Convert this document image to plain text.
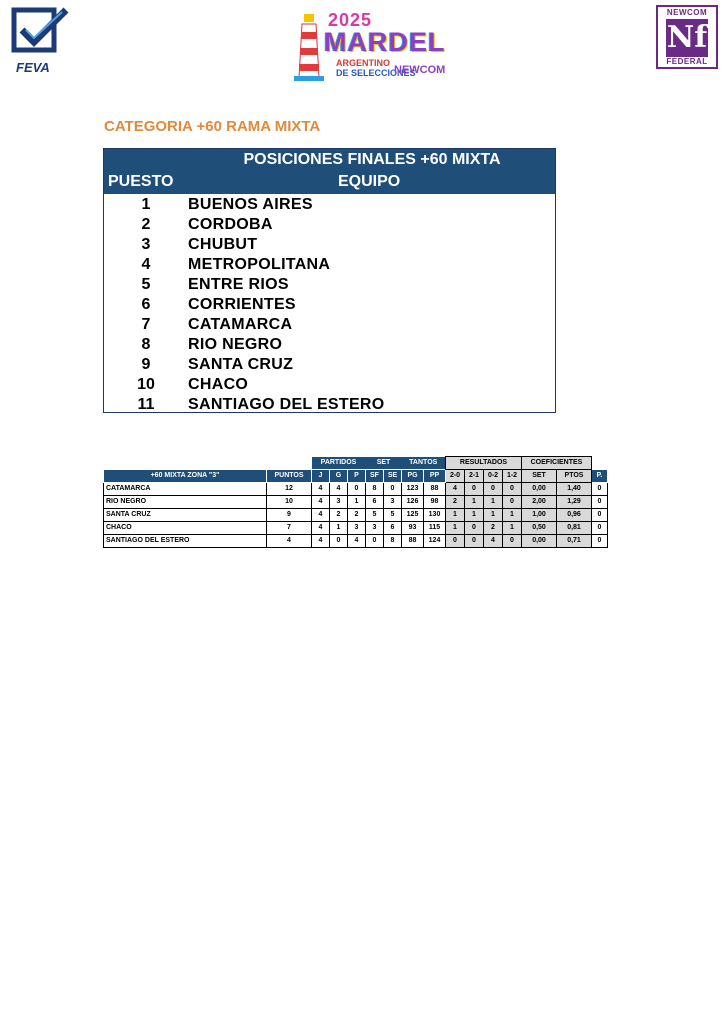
FEVA
2025
MARDEL
ARGENTINO
DE SELECCIONES
NEWCOM
NEWCOM
Nf
FEDERAL
CATEGORIA +60 RAMA MIXTA
POSICIONES FINALES +60 MIXTA
PUESTO	EQUIPO
1	BUENOS AIRES
2	CORDOBA
3	CHUBUT
4	METROPOLITANA
5	ENTRE RIOS
6	CORRIENTES
7	CATAMARCA
8	RIO NEGRO
9	SANTA CRUZ
10	CHACO
11	SANTIAGO DEL ESTERO
		PARTIDOS			SET		TANTOS		RESULTADOS				COEFICIENTES		
+60 MIXTA ZONA "3"	PUNTOS	J	G	P	SF	SE	PG	PP	2-0	2-1	0-2	1-2	SET	PTOS	P.
CATAMARCA	12	4	4	0	8	0	123	88	4	0	0	0	0,00	1,40	0
RIO NEGRO	10	4	3	1	6	3	126	98	2	1	1	0	2,00	1,29	0
SANTA CRUZ	9	4	2	2	5	5	125	130	1	1	1	1	1,00	0,96	0
CHACO	7	4	1	3	3	6	93	115	1	0	2	1	0,50	0,81	0
SANTIAGO DEL ESTERO	4	4	0	4	0	8	88	124	0	0	4	0	0,00	0,71	0
